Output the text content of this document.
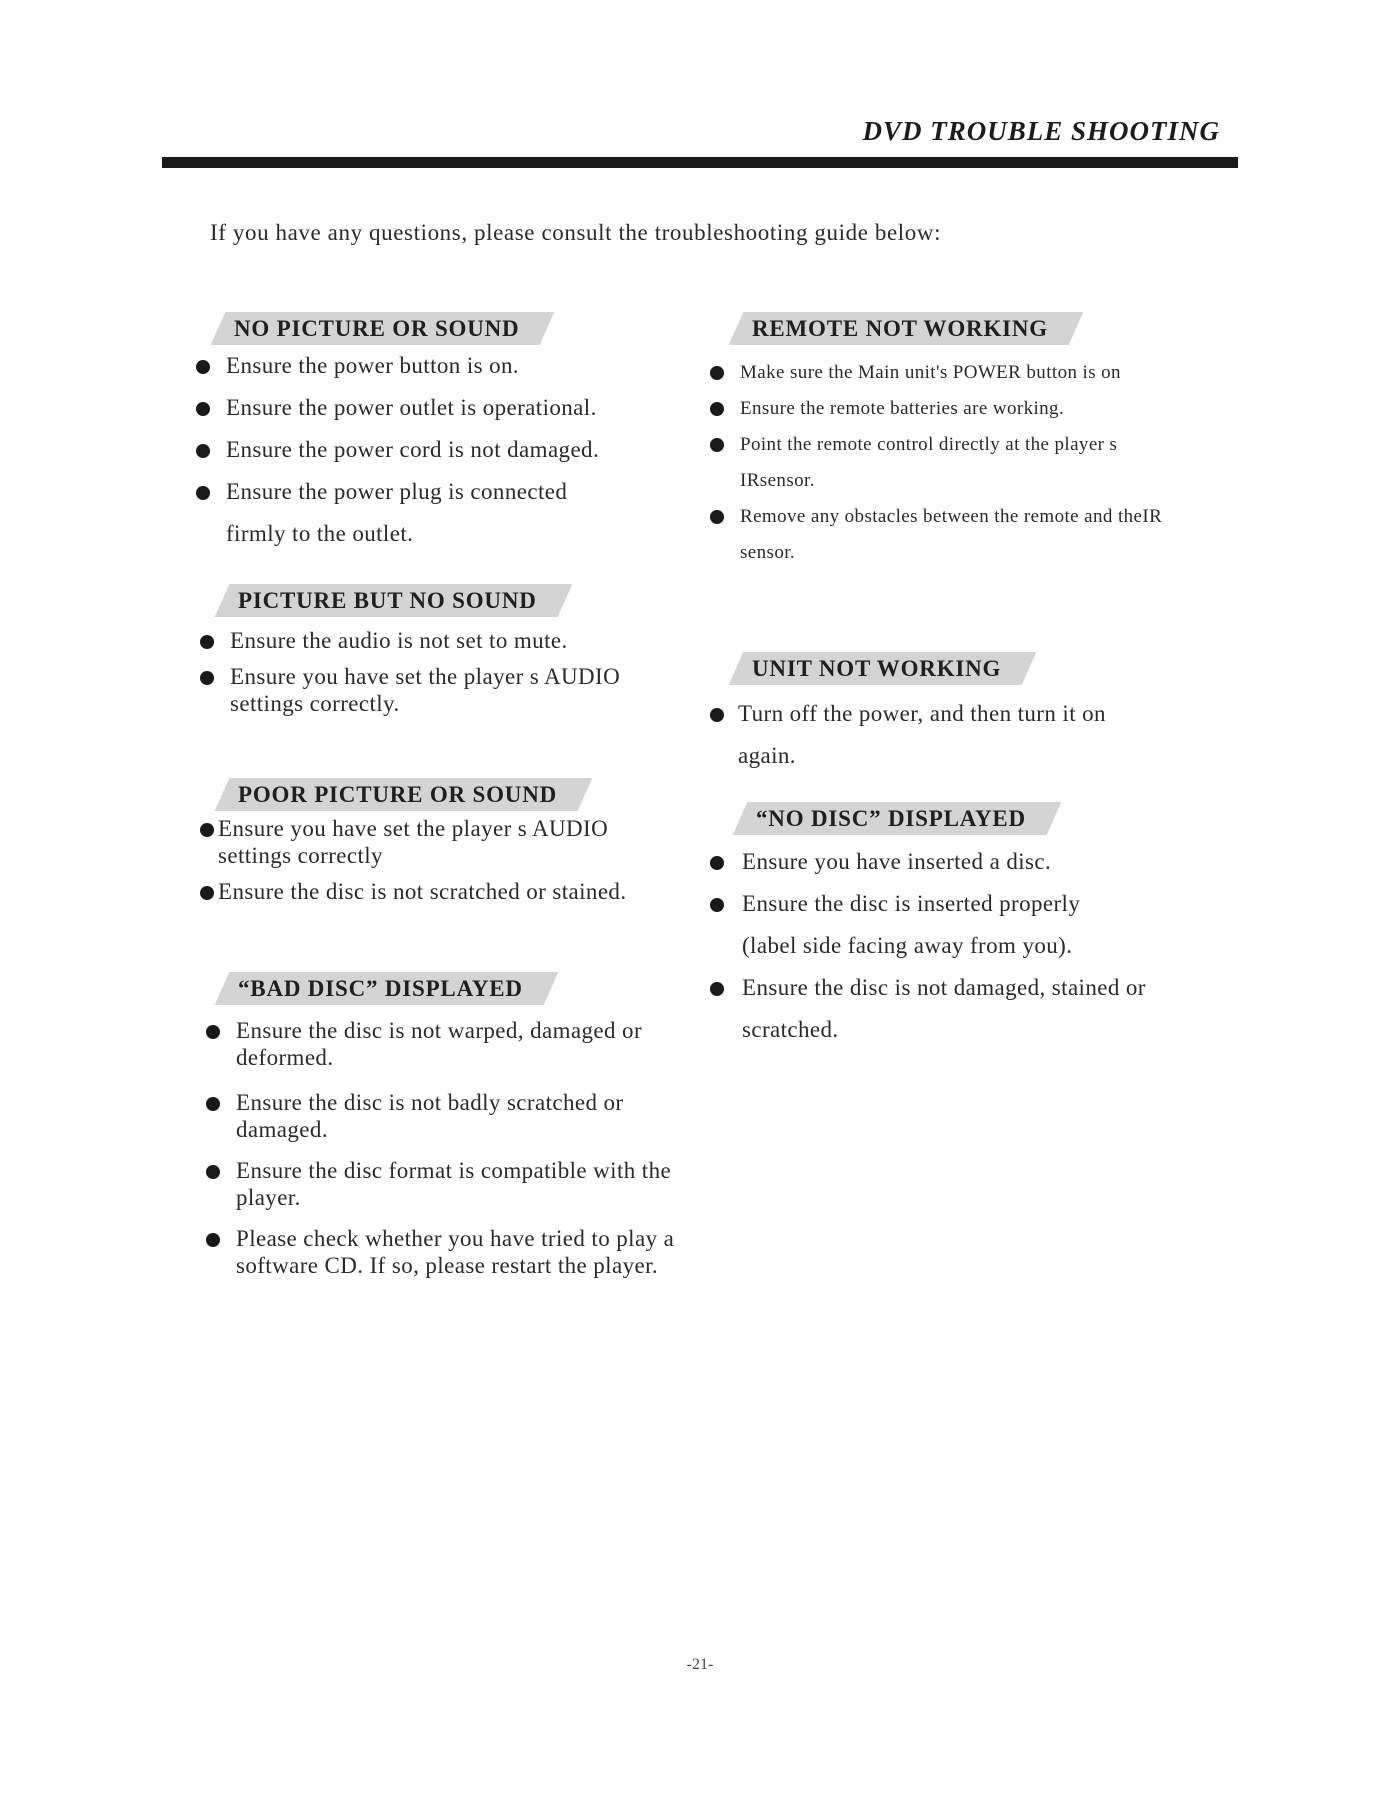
DVD TROUBLE SHOOTING
If you have any questions, please consult the troubleshooting guide below:
NO PICTURE OR SOUND
Ensure the power button is on.
Ensure the power outlet is operational.
Ensure the power cord is not damaged.
Ensure the power plug is connected firmly to the outlet.
PICTURE BUT NO SOUND
Ensure the audio is not set to mute.
Ensure you have set the player s AUDIO settings correctly.
POOR PICTURE OR SOUND
Ensure you have set the player s AUDIO settings correctly
Ensure the disc is not scratched or stained.
“BAD DISC” DISPLAYED
Ensure the disc is not warped, damaged or deformed.
Ensure the disc is not badly scratched or damaged.
Ensure the disc format is compatible with the player.
Please check whether you have tried to play a software CD. If so, please restart the player.
REMOTE NOT WORKING
Make sure the Main unit's POWER button is on
Ensure the remote batteries are working.
Point the remote control directly at the player s IRsensor.
Remove any obstacles between the remote and theIR sensor.
UNIT NOT WORKING
Turn off the power, and then turn it on again.
“NO DISC” DISPLAYED
Ensure you have inserted a disc.
Ensure the disc is inserted properly (label side facing away from you).
Ensure the disc is not damaged, stained or scratched.
-21-
